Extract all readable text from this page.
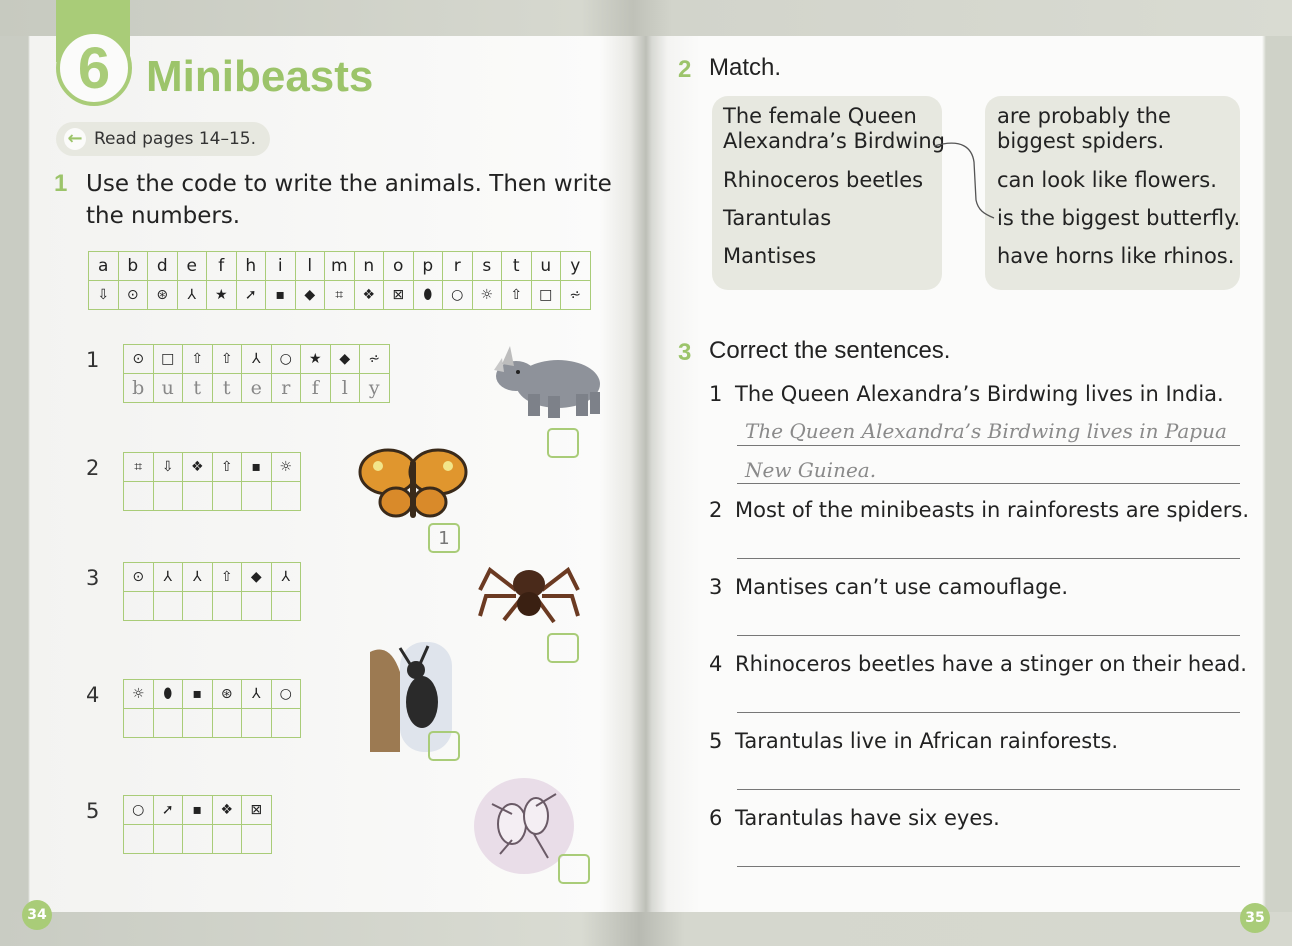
6 Minibeasts
← Read pages 14–15.
1 Use the code to write the animals. Then write
the numbers.
a	b	d	e	f	h	i	l	m	n	o	p	r	s	t	u	y
⇩	⊙	⊛	⅄	★	➚	▪	◆	⌗	❖	⊠	⬮	○	☼	⇧	□	⩫
1 ⊙	□	⇧	⇧	⅄	○	★	◆	⩫
b	u	t	t	e	r	f	l	y
2 ⌗	⇩	❖	⇧	▪	☼

3 ⊙	⅄	⅄	⇧	◆	⅄

4 ☼	⬮	▪	⊛	⅄	○

5 ○	➚	▪	❖	⊠

1
34
2 Match.
The female Queen
Alexandra’s Birdwing
Rhinoceros beetles
Tarantulas
Mantises
are probably the
biggest spiders.
can look like flowers.
is the biggest butterfly.
have horns like rhinos.
3 Correct the sentences.
1 The Queen Alexandra’s Birdwing lives in India.
2 Most of the minibeasts in rainforests are spiders.
3 Mantises can’t use camouflage.
4 Rhinoceros beetles have a stinger on their head.
5 Tarantulas live in African rainforests.
6 Tarantulas have six eyes.
The Queen Alexandra’s Birdwing lives in Papua
New Guinea.
35
